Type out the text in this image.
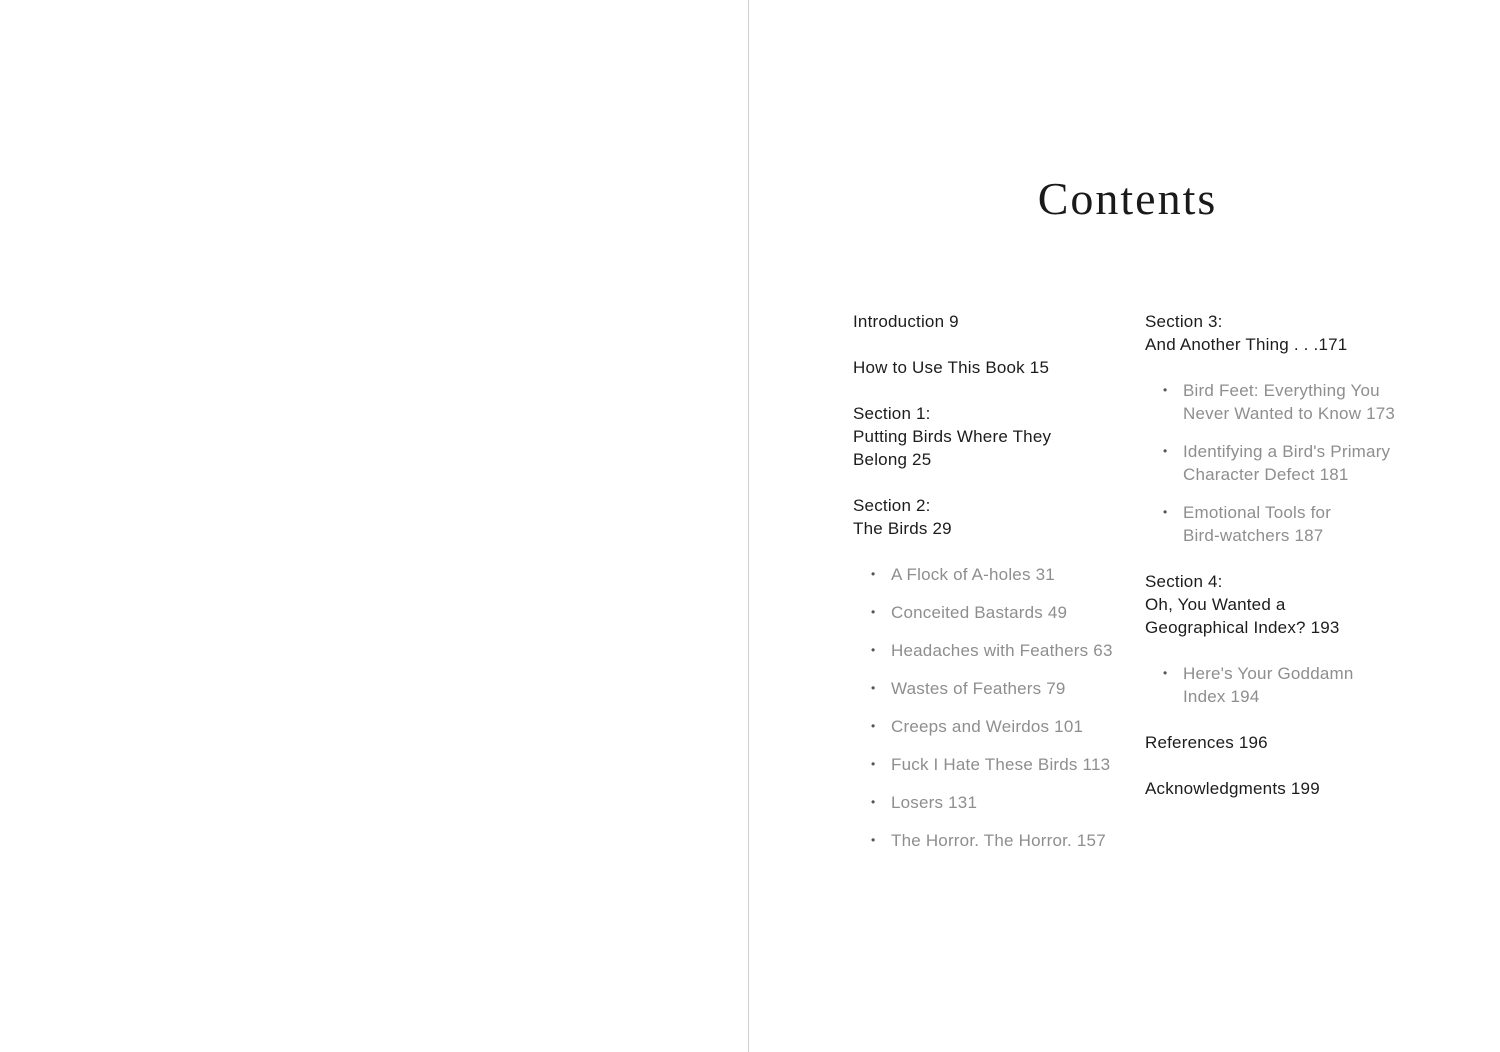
Contents
Introduction 9
How to Use This Book 15
Section 1:
Putting Birds Where They
Belong 25
Section 2:
The Birds 29
• A Flock of A-holes 31
• Conceited Bastards 49
• Headaches with Feathers 63
• Wastes of Feathers 79
• Creeps and Weirdos 101
• Fuck I Hate These Birds 113
• Losers 131
• The Horror. The Horror. 157
Section 3:
And Another Thing . . .171
• Bird Feet: Everything You
Never Wanted to Know 173
• Identifying a Bird's Primary
Character Defect 181
• Emotional Tools for
Bird-watchers 187
Section 4:
Oh, You Wanted a
Geographical Index? 193
• Here's Your Goddamn
Index 194
References 196
Acknowledgments 199
